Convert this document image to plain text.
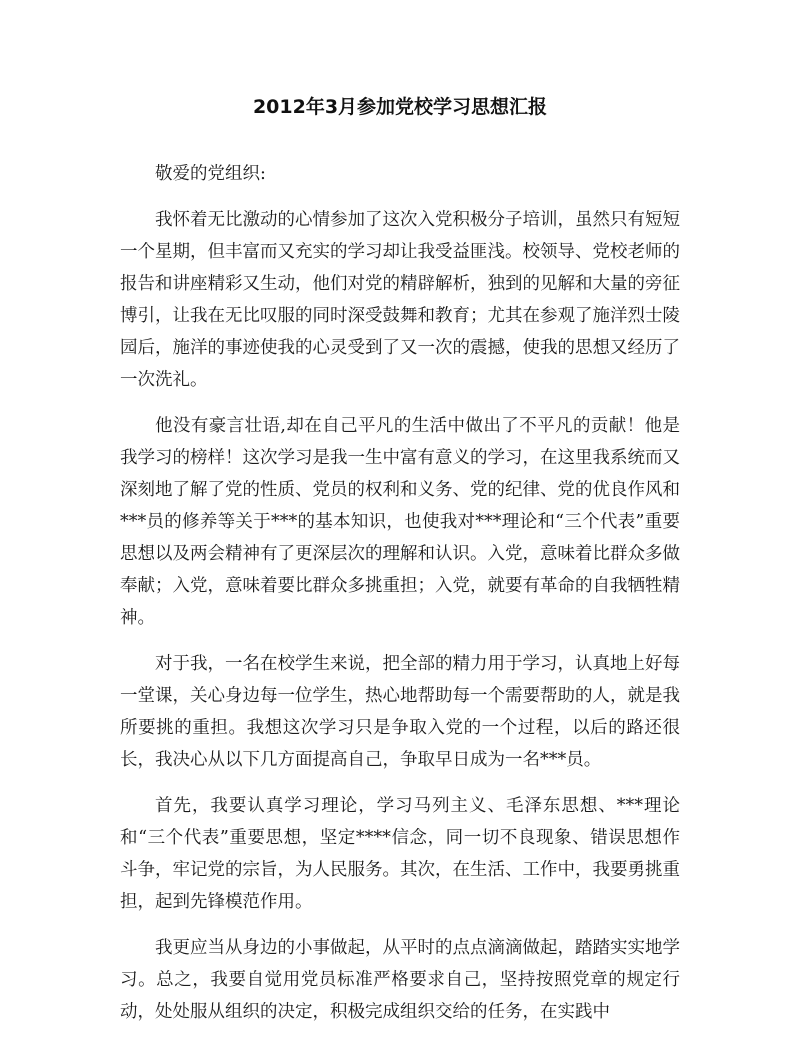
2012年3月参加党校学习思想汇报

敬爱的党组织:

我怀着无比激动的心情参加了这次入党积极分子培训，虽然只有短短一个星期，但丰富而又充实的学习却让我受益匪浅。校领导、党校老师的报告和讲座精彩又生动，他们对党的精辟解析，独到的见解和大量的旁征博引，让我在无比叹服的同时深受鼓舞和教育；尤其在参观了施洋烈士陵园后，施洋的事迹使我的心灵受到了又一次的震撼，使我的思想又经历了一次洗礼。

他没有豪言壮语,却在自己平凡的生活中做出了不平凡的贡献！他是我学习的榜样！这次学习是我一生中富有意义的学习，在这里我系统而又深刻地了解了党的性质、党员的权利和义务、党的纪律、党的优良作风和***员的修养等关于***的基本知识，也使我对***理论和“三个代表”重要思想以及两会精神有了更深层次的理解和认识。入党，意味着比群众多做奉献；入党，意味着要比群众多挑重担；入党，就要有革命的自我牺牲精神。

对于我，一名在校学生来说，把全部的精力用于学习，认真地上好每一堂课，关心身边每一位学生，热心地帮助每一个需要帮助的人，就是我所要挑的重担。我想这次学习只是争取入党的一个过程，以后的路还很长，我决心从以下几方面提高自己，争取早日成为一名***员。

首先，我要认真学习理论，学习马列主义、毛泽东思想、***理论和“三个代表”重要思想，坚定****信念，同一切不良现象、错误思想作斗争，牢记党的宗旨，为人民服务。其次，在生活、工作中，我要勇挑重担，起到先锋模范作用。

我更应当从身边的小事做起，从平时的点点滴滴做起，踏踏实实地学习。总之，我要自觉用党员标准严格要求自己，坚持按照党章的规定行动，处处服从组织的决定，积极完成组织交给的任务，在实践中
